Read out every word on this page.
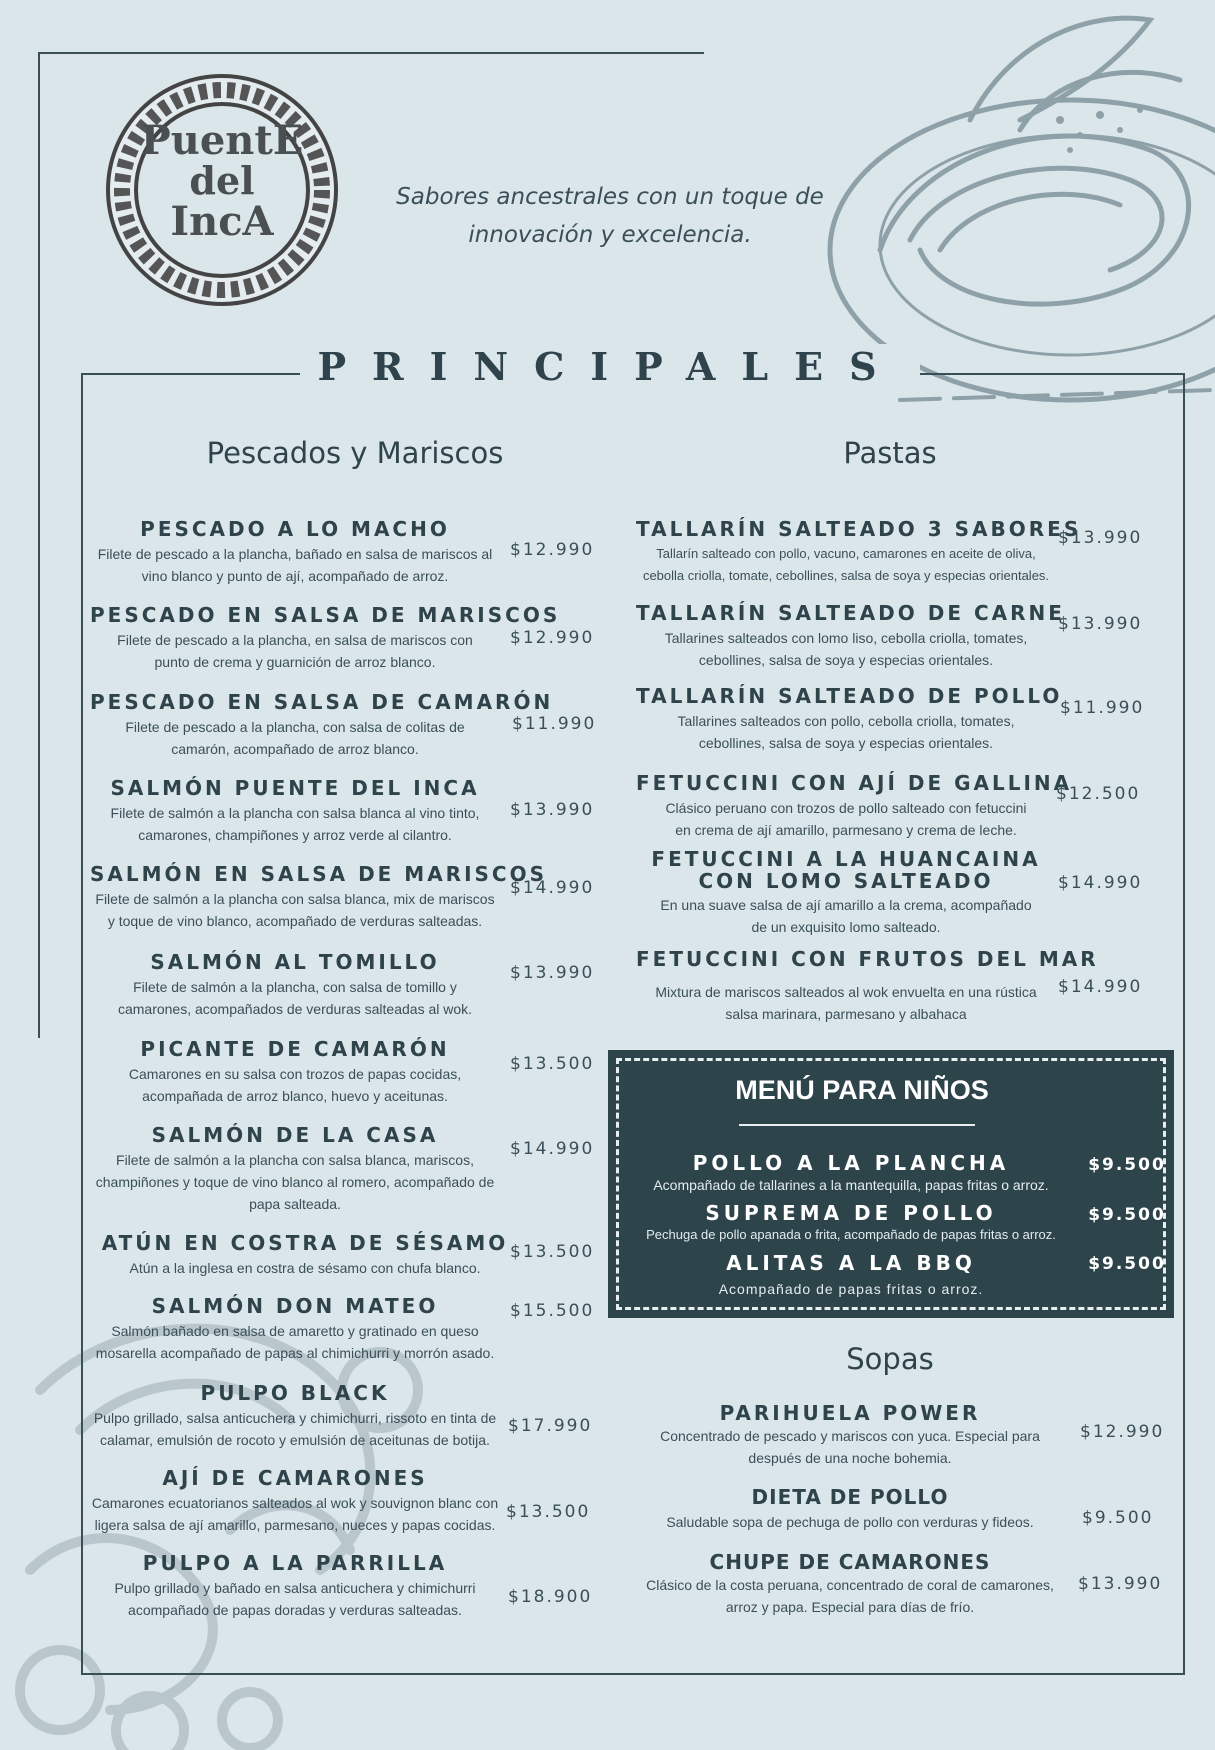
PuentE
del
IncA
Sabores ancestrales con un toque de
innovación y excelencia.
PRINCIPALES
Pescados y Mariscos	Pastas
Sopas
PESCADO A LO MACHO
Filete de pescado a la plancha, bañado en salsa de mariscos al
vino blanco y punto de ají, acompañado de arroz.
$12.990
PESCADO EN SALSA DE MARISCOS
Filete de pescado a la plancha, en salsa de mariscos con
punto de crema y guarnición de arroz blanco.
$12.990
PESCADO EN SALSA DE CAMARÓN
Filete de pescado a la plancha, con salsa de colitas de
camarón, acompañado de arroz blanco.
$11.990
SALMÓN PUENTE DEL INCA
Filete de salmón a la plancha con salsa blanca al vino tinto,
camarones, champiñones y arroz verde al cilantro.
$13.990
SALMÓN EN SALSA DE MARISCOS
Filete de salmón a la plancha con salsa blanca, mix de mariscos
y toque de vino blanco, acompañado de verduras salteadas.
$14.990
SALMÓN AL TOMILLO
Filete de salmón a la plancha, con salsa de tomillo y
camarones, acompañados de verduras salteadas al wok.
$13.990
PICANTE DE CAMARÓN
Camarones en su salsa con trozos de papas cocidas,
acompañada de arroz blanco, huevo y aceitunas.
$13.500
SALMÓN DE LA CASA
Filete de salmón a la plancha con salsa blanca, mariscos,
champiñones y toque de vino blanco al romero, acompañado de
papa salteada.
$14.990
ATÚN EN COSTRA DE SÉSAMO
Atún a la inglesa en costra de sésamo con chufa blanco.
$13.500
SALMÓN DON MATEO
Salmón bañado en salsa de amaretto y gratinado en queso
mosarella acompañado de papas al chimichurri y morrón asado.
$15.500
PULPO BLACK
Pulpo grillado, salsa anticuchera y chimichurri, rissoto en tinta de
calamar, emulsión de rocoto y emulsión de aceitunas de botija.
$17.990
AJÍ DE CAMARONES
Camarones ecuatorianos salteados al wok y souvignon blanc con
ligera salsa de ají amarillo, parmesano, nueces y papas cocidas.
$13.500
PULPO A LA PARRILLA
Pulpo grillado y bañado en salsa anticuchera y chimichurri
acompañado de papas doradas y verduras salteadas.
$18.900
TALLARÍN SALTEADO 3 SABORES
Tallarín salteado con pollo, vacuno, camarones en aceite de oliva,
cebolla criolla, tomate, cebollines, salsa de soya y especias orientales.
$13.990
TALLARÍN SALTEADO DE CARNE
Tallarines salteados con lomo liso, cebolla criolla, tomates,
cebollines, salsa de soya y especias orientales.
$13.990
TALLARÍN SALTEADO DE POLLO
Tallarines salteados con pollo, cebolla criolla, tomates,
cebollines, salsa de soya y especias orientales.
$11.990
FETUCCINI CON AJÍ DE GALLINA
Clásico peruano con trozos de pollo salteado con fetuccini
en crema de ají amarillo, parmesano y crema de leche.
$12.500
FETUCCINI A LA HUANCAINA
CON LOMO SALTEADO
En una suave salsa de ají amarillo a la crema, acompañado
de un exquisito lomo salteado.
$14.990
FETUCCINI CON FRUTOS DEL MAR
Mixtura de mariscos salteados al wok envuelta en una rústica
salsa marinara, parmesano y albahaca
$14.990
MENÚ PARA NIÑOS
POLLO A LA PLANCHA
Acompañado de tallarines a la mantequilla, papas fritas o arroz.
$9.500
SUPREMA DE POLLO
Pechuga de pollo apanada o frita, acompañado de papas fritas o arroz.
$9.500
ALITAS A LA BBQ
Acompañado de papas fritas o arroz.
$9.500
PARIHUELA POWER
Concentrado de pescado y mariscos con yuca. Especial para
después de una noche bohemia.
$12.990
DIETA DE POLLO
Saludable sopa de pechuga de pollo con verduras y fideos.	$9.500
CHUPE DE CAMARONES
Clásico de la costa peruana, concentrado de coral de camarones,
arroz y papa. Especial para días de frío.
$13.990
